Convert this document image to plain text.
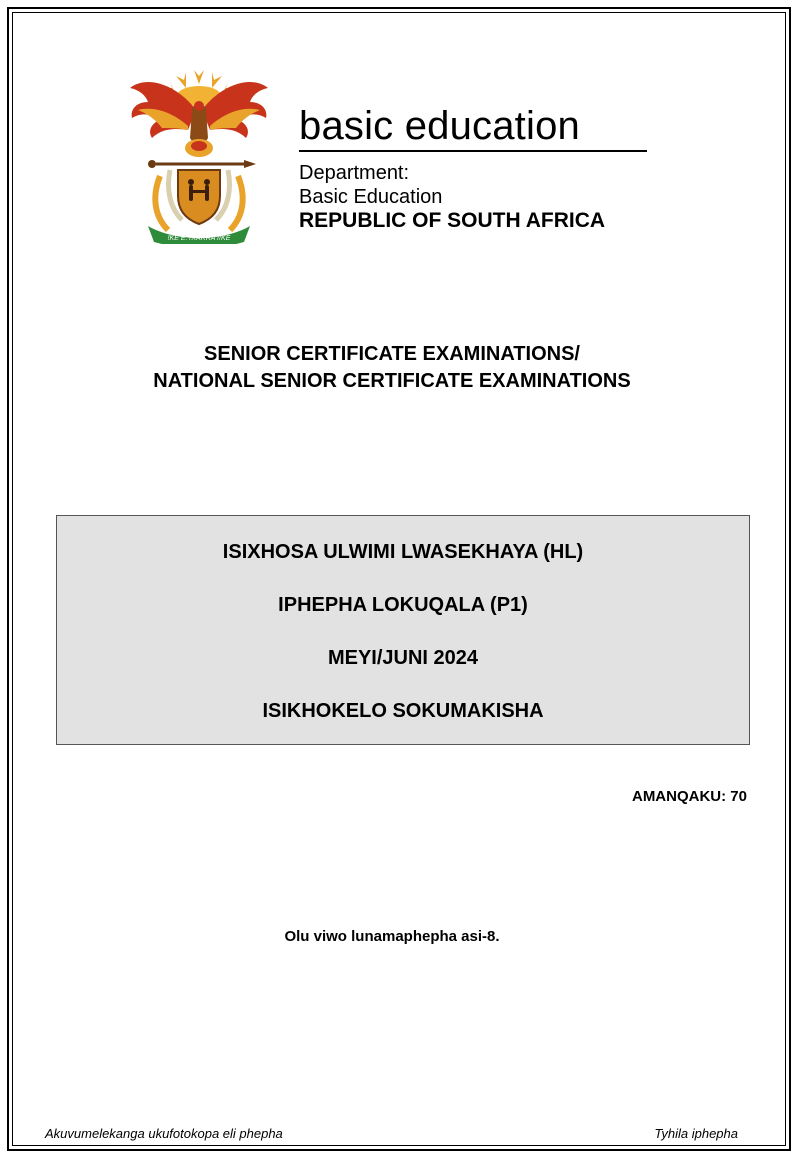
!KE E: /XARRA //KE
basic education
Department:
Basic Education
REPUBLIC OF SOUTH AFRICA
SENIOR CERTIFICATE EXAMINATIONS/
NATIONAL SENIOR CERTIFICATE EXAMINATIONS
ISIXHOSA ULWIMI LWASEKHAYA (HL)
IPHEPHA LOKUQALA (P1)
MEYI/JUNI 2024
ISIKHOKELO SOKUMAKISHA
AMANQAKU: 70
Olu viwo lunamaphepha asi-8.
Akuvumelekanga ukufotokopa eli phepha	Tyhila iphepha
